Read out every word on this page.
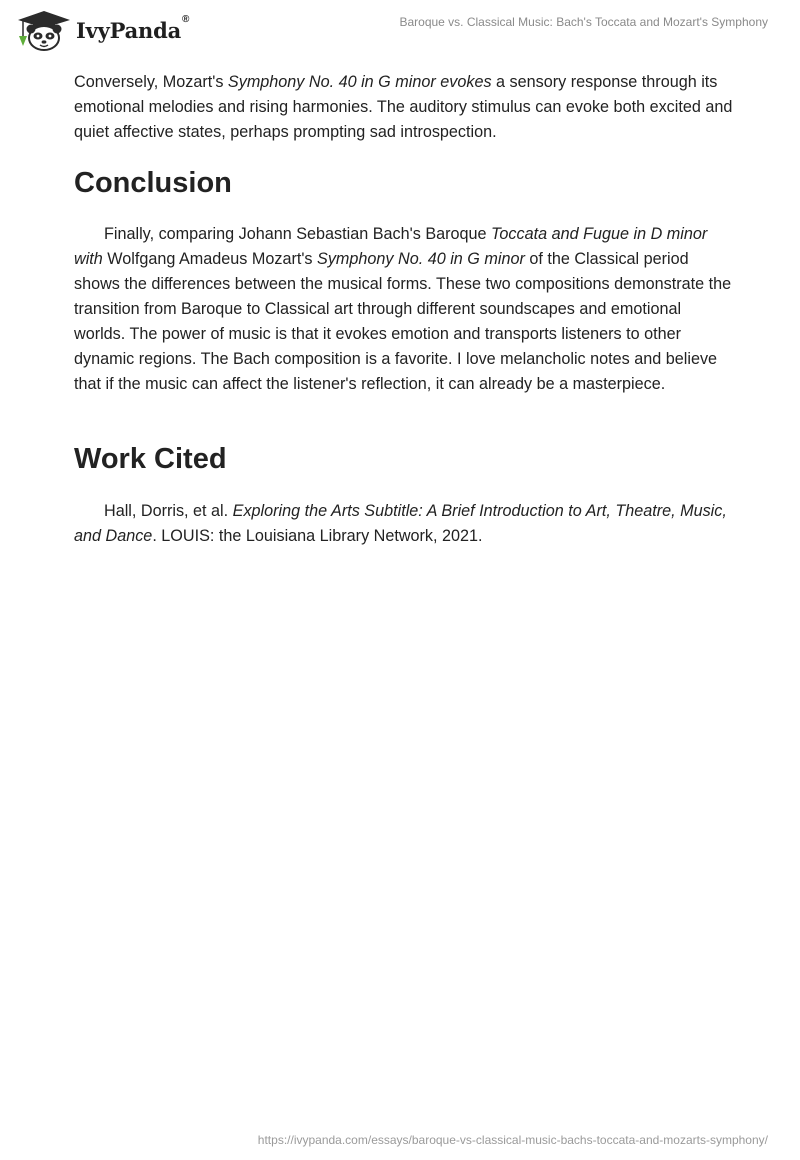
IvyPanda®	Baroque vs. Classical Music: Bach's Toccata and Mozart's Symphony

Conversely, Mozart's Symphony No. 40 in G minor evokes a sensory response through its emotional melodies and rising harmonies. The auditory stimulus can evoke both excited and quiet affective states, perhaps prompting sad introspection.

Conclusion

Finally, comparing Johann Sebastian Bach's Baroque Toccata and Fugue in D minor with Wolfgang Amadeus Mozart's Symphony No. 40 in G minor of the Classical period shows the differences between the musical forms. These two compositions demonstrate the transition from Baroque to Classical art through different soundscapes and emotional worlds. The power of music is that it evokes emotion and transports listeners to other dynamic regions. The Bach composition is a favorite. I love melancholic notes and believe that if the music can affect the listener's reflection, it can already be a masterpiece.

Work Cited

Hall, Dorris, et al. Exploring the Arts Subtitle: A Brief Introduction to Art, Theatre, Music, and Dance. LOUIS: the Louisiana Library Network, 2021.

https://ivypanda.com/essays/baroque-vs-classical-music-bachs-toccata-and-mozarts-symphony/
